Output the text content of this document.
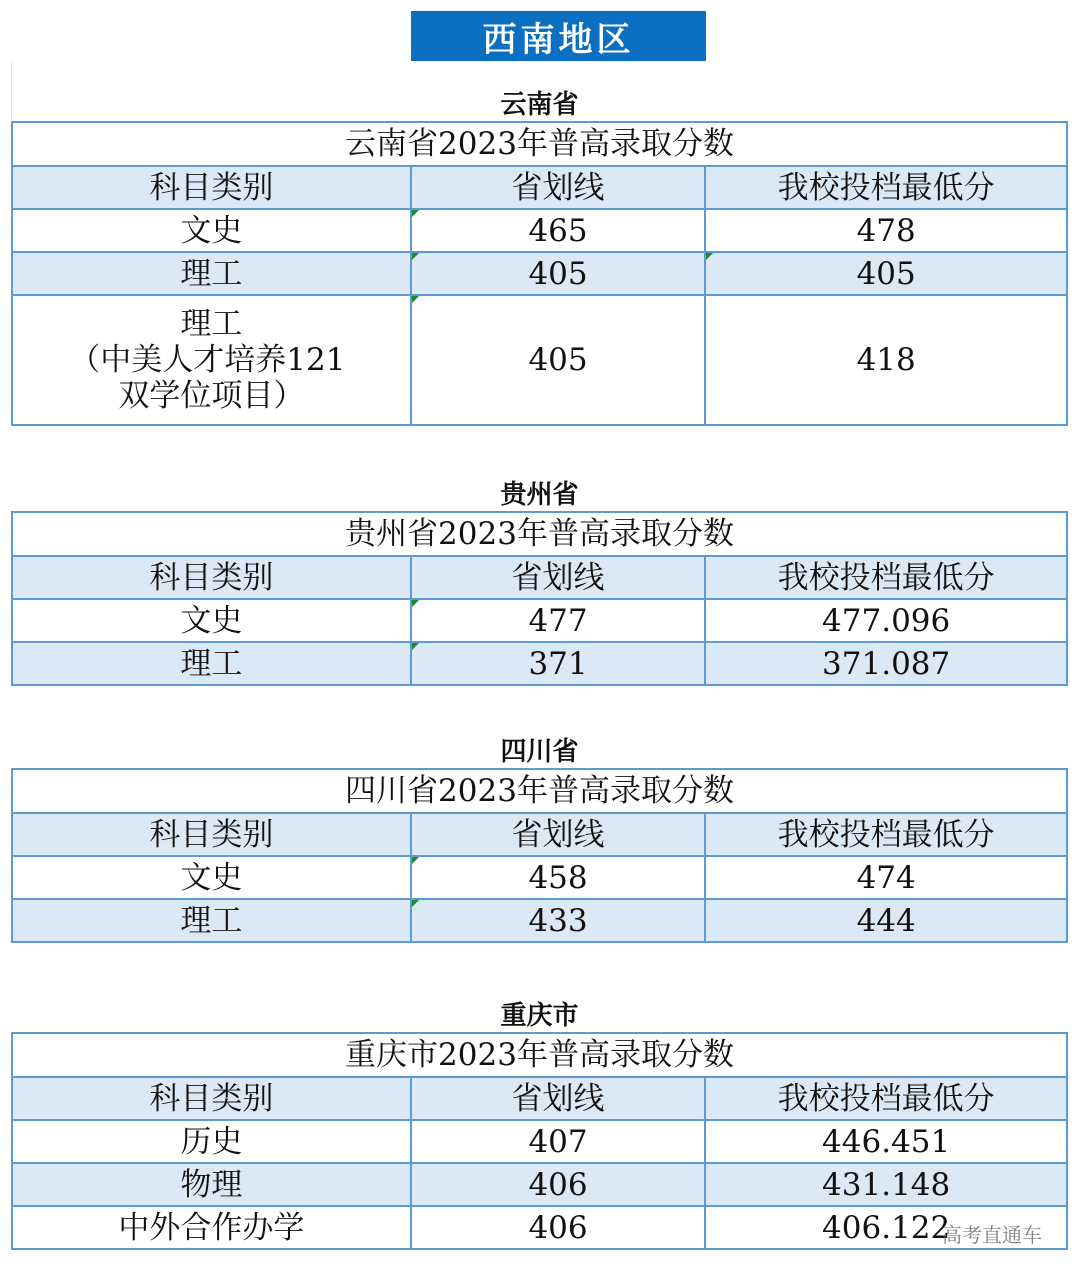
西南地区
云南省
云南省2023年普高录取分数		
科目类别	省划线	我校投档最低分
文史	465	478
理工	405	405

理工
（中美人才培养121
双学位项目）	405	418
贵州省
贵州省2023年普高录取分数		
科目类别	省划线	我校投档最低分
文史	477	477.096
理工	371	371.087
四川省
四川省2023年普高录取分数		
科目类别	省划线	我校投档最低分
文史	458	474
理工	433	444
重庆市
重庆市2023年普高录取分数		
科目类别	省划线	我校投档最低分
历史	407	446.451
物理	406	431.148
中外合作办学	406	406.122
高考直通车
